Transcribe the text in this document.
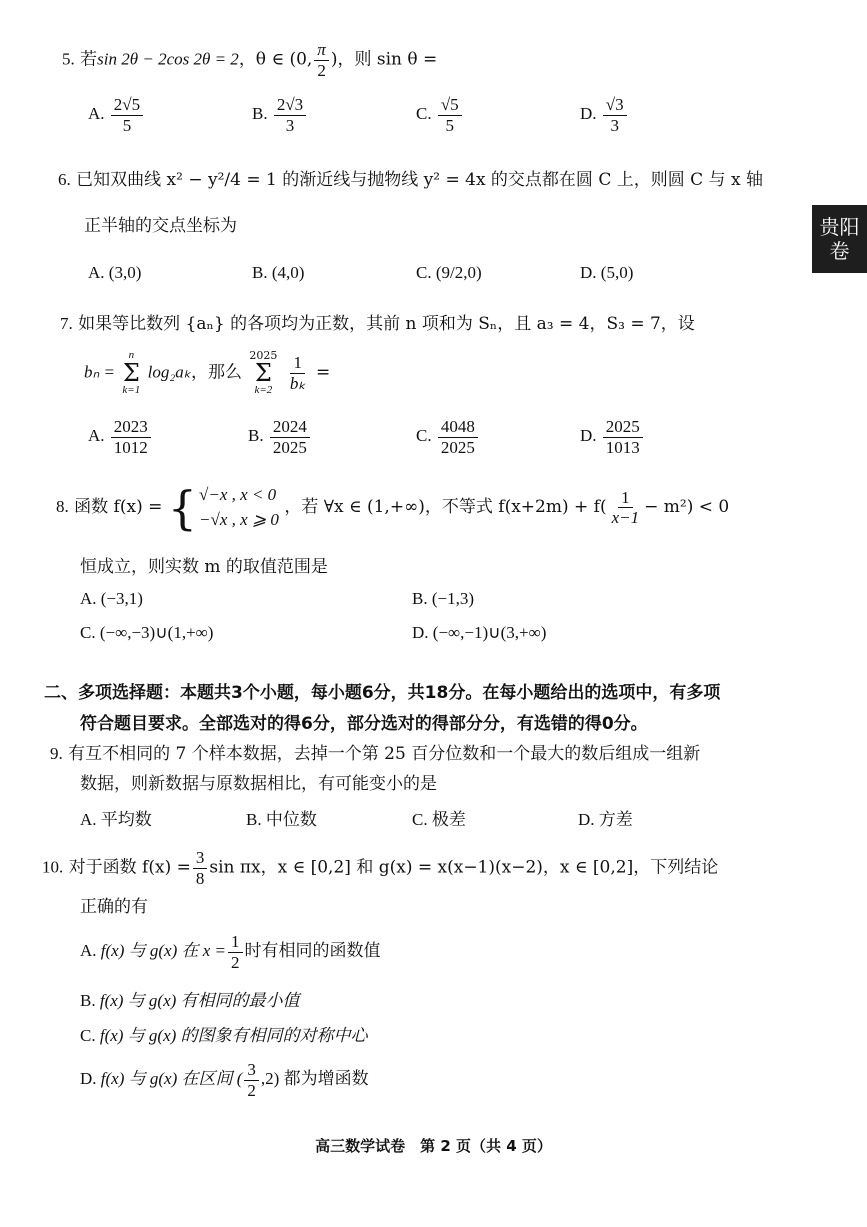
贵阳
卷
5. 若sin 2θ − 2cos 2θ = 2，θ ∈ (0, $\frac{\pi}{2}$ )，则 sin θ =
A. $\frac{2√5}{5}$	B. $\frac{2√3}{3}$	C. $\frac{√5}{5}$	D. $\frac{√3}{3}$
6. 已知双曲线 x² − y²/4 = 1 的渐近线与抛物线 y² = 4x 的交点都在圆 C 上，则圆 C 与 x 轴
正半轴的交点坐标为
A. (3,0)	B. (4,0)	C. (9/2,0)	D. (5,0)
7. 如果等比数列 {aₙ} 的各项均为正数，其前 n 项和为 Sₙ，且 a₃ = 4，S₃ = 7，设
bₙ =
n
Σ
k=1
log₂aₖ，那么
2025
Σ
k=2
$\frac{1}{\text{bₖ}}$ =
A. $\frac{2023}{1012}$	B. $\frac{2024}{2025}$	C. $\frac{4048}{2025}$	D. $\frac{2025}{1013}$
8. 函数 f(x) = { √−x , x < 0
−√x , x ⩾ 0
，若 ∀x ∈ (1,+∞)，不等式 $f(x+2m) + f( \frac{1}{x-1} - m^2) < 0$
恒成立，则实数 m 的取值范围是
A. (−3,1)	B. (−1,3)
C. (−∞,−3)∪(1,+∞)	D. (−∞,−1)∪(3,+∞)
二、多项选择题：本题共3个小题，每小题6分，共18分。在每小题给出的选项中，有多项
符合题目要求。全部选对的得6分，部分选对的得部分分，有选错的得0分。
9. 有互不相同的 7 个样本数据，去掉一个第 25 百分位数和一个最大的数后组成一组新
数据，则新数据与原数据相比，有可能变小的是
A. 平均数	B. 中位数	C. 极差	D. 方差
10. 对于函数 $f(x) = \frac{3}{8}$ sin πx，x ∈ [0,2] 和 g(x) = x(x−1)(x−2)，x ∈ [0,2]，下列结论
正确的有
A. f(x) 与 g(x) 在 $x = \frac{1}{2}$ 时有相同的函数值
B. f(x) 与 g(x) 有相同的最小值
C. f(x) 与 g(x) 的图象有相同的对称中心
D. f(x) 与 g(x) 在区间 ( $\frac{3}{2} ,2$) 都为增函数
高三数学试卷　第 2 页（共 4 页）
